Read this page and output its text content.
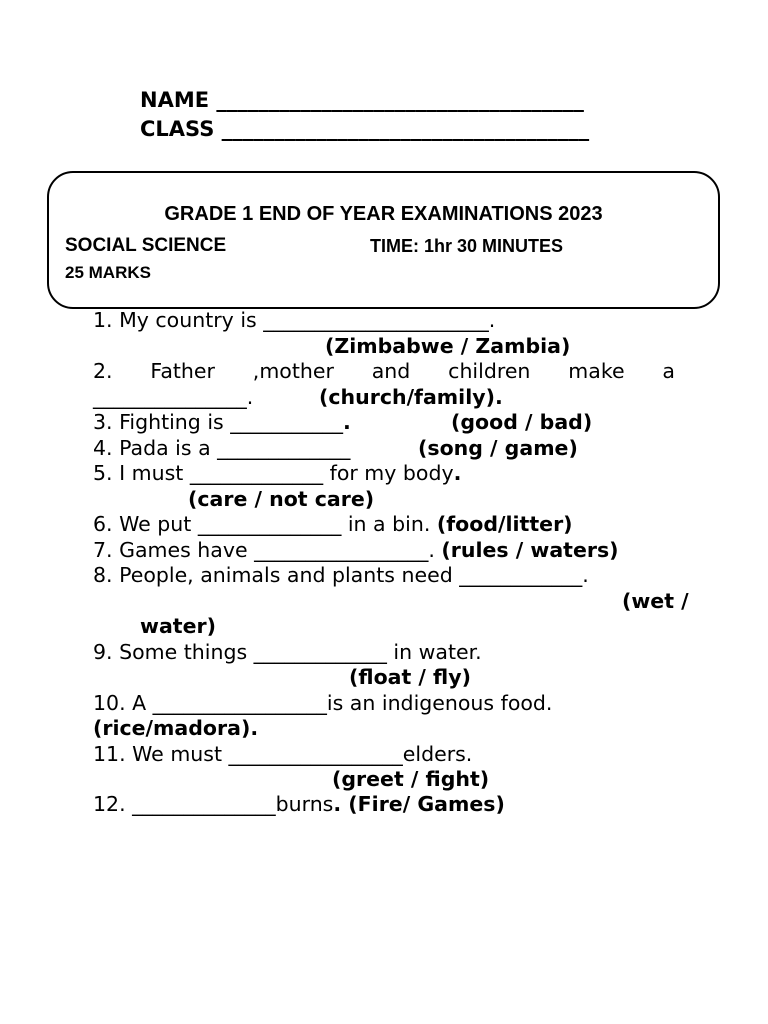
NAME ___________________________________
CLASS ___________________________________
GRADE 1 END OF YEAR EXAMINATIONS 2023
SOCIAL SCIENCE	TIME: 1hr 30 MINUTES
25 MARKS
1. My country is ______________________.
(Zimbabwe / Zambia)
2. Father ,mother and children make a
_______________.	(church/family).
3. Fighting is ___________.	(good / bad)
4. Pada is a _____________	(song / game)
5. I must _____________ for my body.
(care / not care)
6. We put ______________ in a bin. (food/litter)
7. Games have _________________. (rules / waters)
8. People, animals and plants need ____________.
(wet /
water)
9. Some things _____________ in water.
(float / fly)
10. A _________________is an indigenous food.
(rice/madora).
11. We must _________________elders.
(greet / fight)
12. ______________burns. (Fire/ Games)
